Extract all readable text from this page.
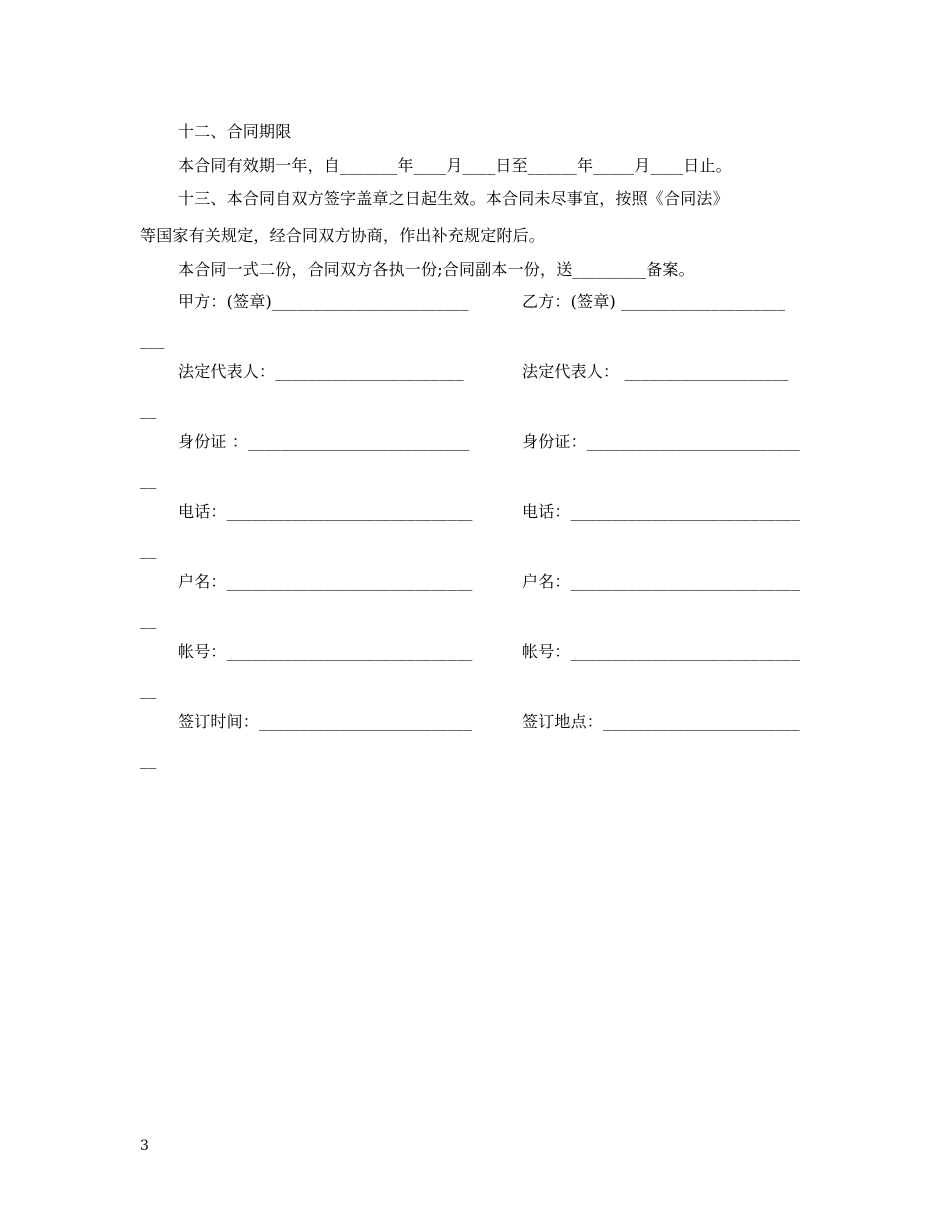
十二、合同期限
本合同有效期一年，自_______年____月____日至______年_____月____日止。
十三、本合同自双方签字盖章之日起生效。本合同未尽事宜，按照《合同法》
等国家有关规定，经合同双方协商，作出补充规定附后。
本合同一式二份，合同双方各执一份;合同副本一份，送_________备案。
甲方：(签章)________________________	乙方：(签章) ____________________
___
法定代表人：_______________________	法定代表人： ____________________
__
身份证 ：___________________________	身份证：__________________________
__
电话：______________________________	电话：____________________________
__
户名：______________________________	户名：____________________________
__
帐号：______________________________	帐号：____________________________
__
签订时间：__________________________	签订地点：________________________
__
3
